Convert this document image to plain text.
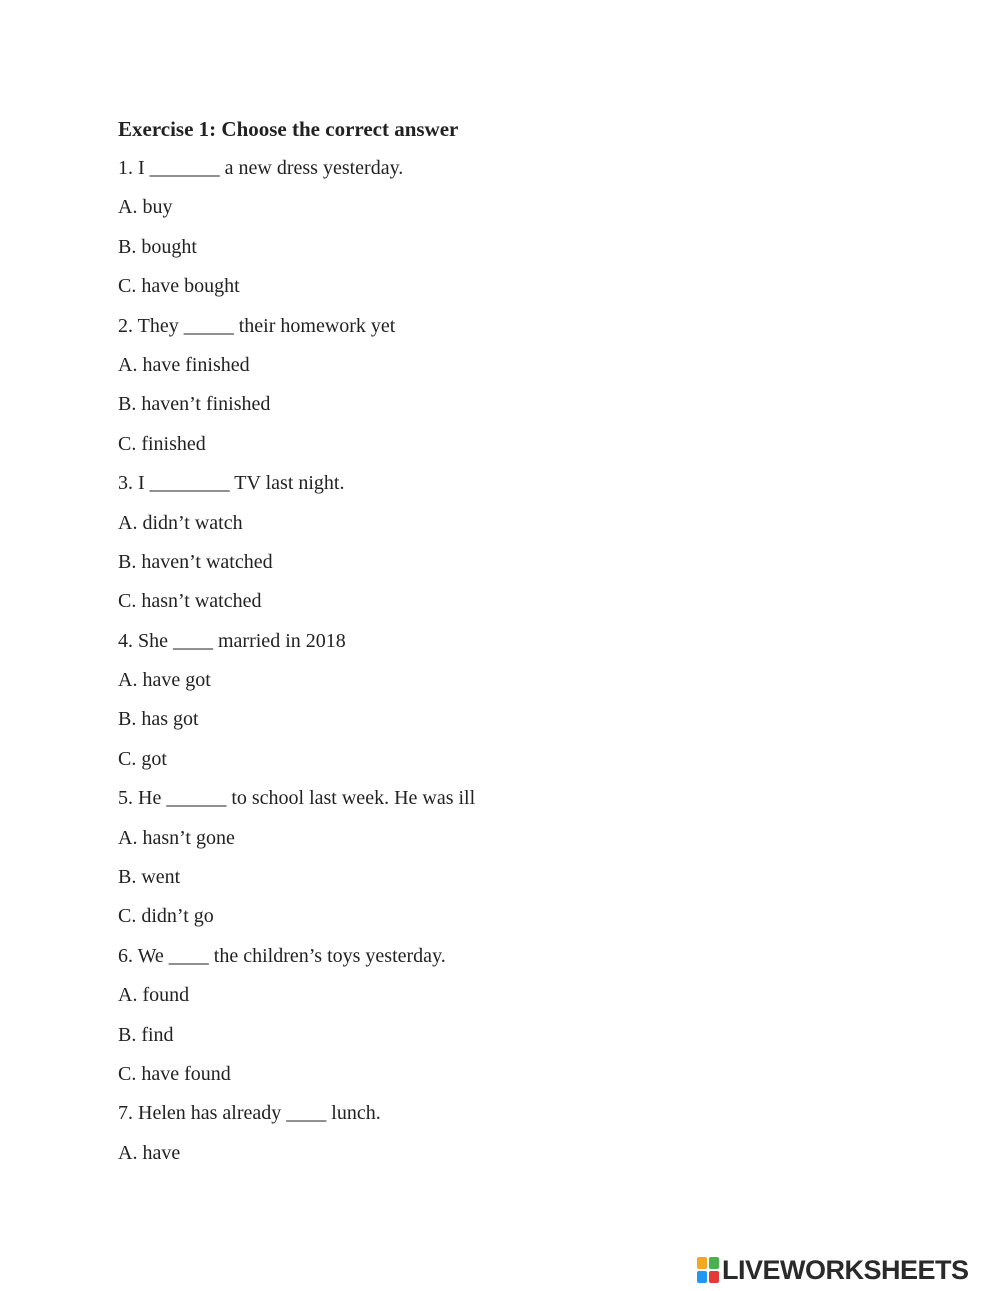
Exercise 1: Choose the correct answer
1. I _______ a new dress yesterday.
A. buy
B. bought
C. have bought
2. They _____ their homework yet
A. have finished
B. haven’t finished
C. finished
3. I ________ TV last night.
A. didn’t watch
B. haven’t watched
C. hasn’t watched
4. She ____ married in 2018
A. have got
B. has got
C. got
5. He ______ to school last week. He was ill
A. hasn’t gone
B. went
C. didn’t go
6. We ____ the children’s toys yesterday.
A. found
B. find
C. have found
7. Helen has already ____ lunch.
A. have
LIVEWORKSHEETS
